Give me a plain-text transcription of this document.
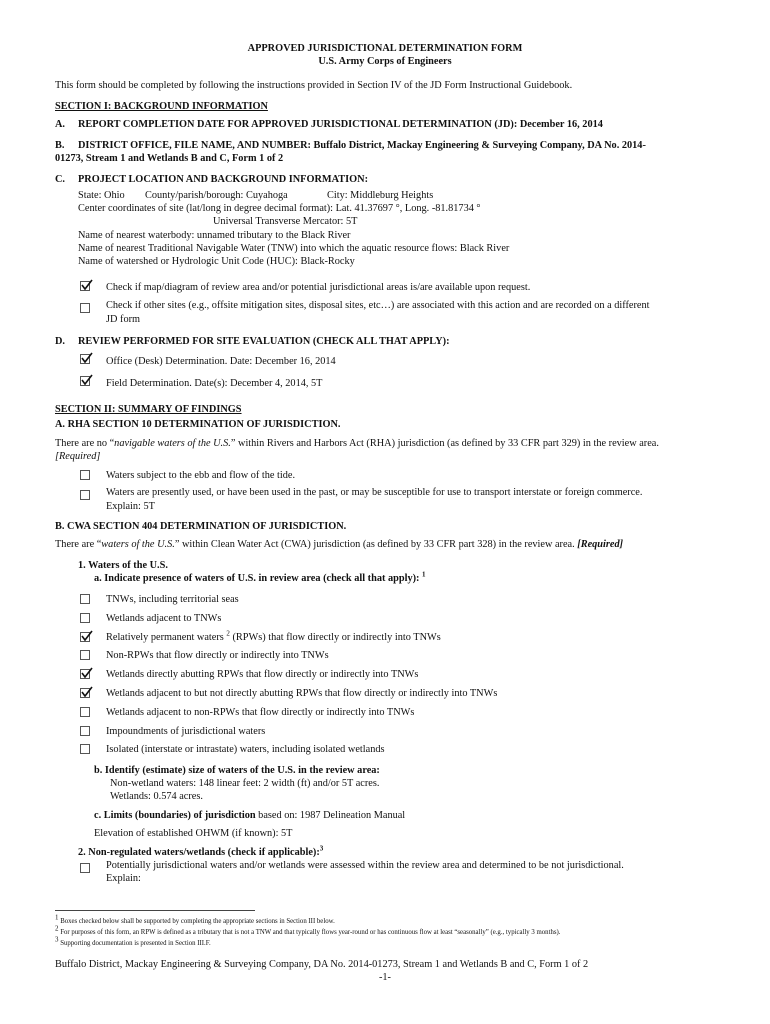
APPROVED JURISDICTIONAL DETERMINATION FORM
U.S. Army Corps of Engineers
This form should be completed by following the instructions provided in Section IV of the JD Form Instructional Guidebook.
SECTION I: BACKGROUND INFORMATION
A. REPORT COMPLETION DATE FOR APPROVED JURISDICTIONAL DETERMINATION (JD): December 16, 2014
B. DISTRICT OFFICE, FILE NAME, AND NUMBER: Buffalo District, Mackay Engineering & Surveying Company, DA No. 2014-
01273, Stream 1 and Wetlands B and C, Form 1 of 2
C. PROJECT LOCATION AND BACKGROUND INFORMATION:
State: Ohio County/parish/borough: Cuyahoga	City: Middleburg Heights
Center coordinates of site (lat/long in degree decimal format): Lat. 41.37697 °, Long. -81.81734 °
Universal Transverse Mercator: 5T
Name of nearest waterbody: unnamed tributary to the Black River
Name of nearest Traditional Navigable Water (TNW) into which the aquatic resource flows: Black River
Name of watershed or Hydrologic Unit Code (HUC): Black-Rocky
Check if map/diagram of review area and/or potential jurisdictional areas is/are available upon request.
Check if other sites (e.g., offsite mitigation sites, disposal sites, etc…) are associated with this action and are recorded on a different
JD form
D. REVIEW PERFORMED FOR SITE EVALUATION (CHECK ALL THAT APPLY):
Office (Desk) Determination. Date: December 16, 2014
Field Determination. Date(s): December 4, 2014, 5T
SECTION II: SUMMARY OF FINDINGS
A. RHA SECTION 10 DETERMINATION OF JURISDICTION.
There are no “navigable waters of the U.S.” within Rivers and Harbors Act (RHA) jurisdiction (as defined by 33 CFR part 329) in the review area.
[Required]
Waters subject to the ebb and flow of the tide.
Waters are presently used, or have been used in the past, or may be susceptible for use to transport interstate or foreign commerce.
Explain: 5T
B. CWA SECTION 404 DETERMINATION OF JURISDICTION.
There are “waters of the U.S.” within Clean Water Act (CWA) jurisdiction (as defined by 33 CFR part 328) in the review area. [Required]
1. Waters of the U.S.
a. Indicate presence of waters of U.S. in review area (check all that apply): $^1$
TNWs, including territorial seas
Wetlands adjacent to TNWs
Relatively permanent waters $^2$ (RPWs) that flow directly or indirectly into TNWs
Non-RPWs that flow directly or indirectly into TNWs
Wetlands directly abutting RPWs that flow directly or indirectly into TNWs
Wetlands adjacent to but not directly abutting RPWs that flow directly or indirectly into TNWs
Wetlands adjacent to non-RPWs that flow directly or indirectly into TNWs
Impoundments of jurisdictional waters
Isolated (interstate or intrastate) waters, including isolated wetlands
b. Identify (estimate) size of waters of the U.S. in the review area:
Non-wetland waters: 148 linear feet: 2 width (ft) and/or 5T acres.
Wetlands: 0.574 acres.
c. Limits (boundaries) of jurisdiction based on: 1987 Delineation Manual
Elevation of established OHWM (if known): 5T
2. Non-regulated waters/wetlands (check if applicable):$^3$
Potentially jurisdictional waters and/or wetlands were assessed within the review area and determined to be not jurisdictional.
Explain:
$^1$ Boxes checked below shall be supported by completing the appropriate sections in Section III below.
$^2$ For purposes of this form, an RPW is defined as a tributary that is not a TNW and that typically flows year-round or has continuous flow at least “seasonally” (e.g., typically 3 months).
$^3$ Supporting documentation is presented in Section III.F.
Buffalo District, Mackay Engineering & Surveying Company, DA No. 2014-01273, Stream 1 and Wetlands B and C, Form 1 of 2
-1-
